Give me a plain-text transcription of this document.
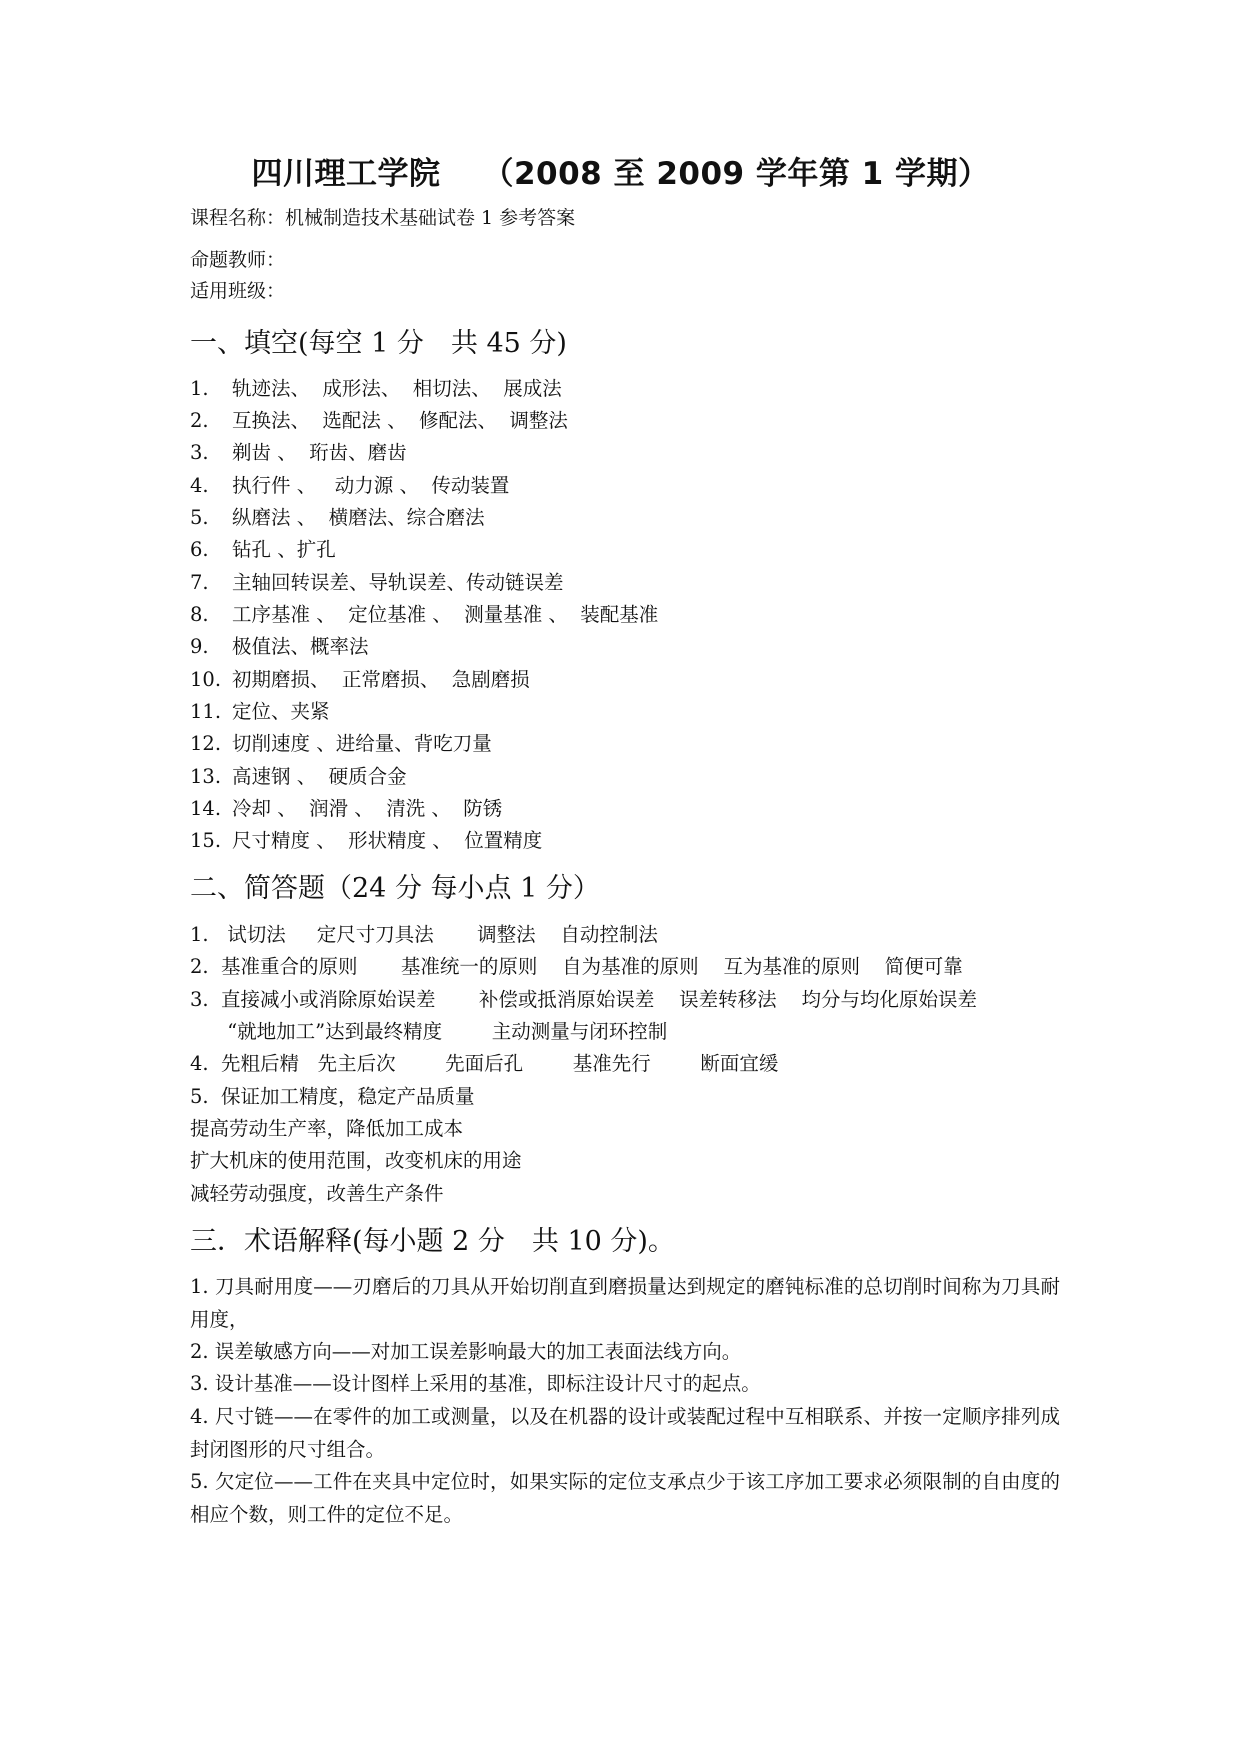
四川理工学院 （2008 至 2009 学年第 1 学期）
课程名称：机械制造技术基础试卷 1 参考答案
命题教师：
适用班级：
一、填空(每空 1 分　共 45 分)
1. 轨迹法、  成形法、  相切法、  展成法
2. 互换法、  选配法 、  修配法、  调整法
3. 剃齿 、  珩齿、磨齿
4. 执行件 、   动力源 、  传动装置
5. 纵磨法 、  横磨法、综合磨法
6. 钻孔 、扩孔
7. 主轴回转误差、导轨误差、传动链误差
8. 工序基准 、  定位基准 、  测量基准 、  装配基准
9. 极值法、概率法
10. 初期磨损、  正常磨损、  急剧磨损
11. 定位、夹紧
12. 切削速度 、进给量、背吃刀量
13. 高速钢 、  硬质合金
14. 冷却 、  润滑 、  清洗 、  防锈
15. 尺寸精度 、  形状精度 、  位置精度
二、简答题（24 分 每小点 1 分）
1.   试切法     定尺寸刀具法       调整法    自动控制法
2.  基准重合的原则       基准统一的原则    自为基准的原则    互为基准的原则    简便可靠
3.  直接减小或消除原始误差       补偿或抵消原始误差    误差转移法    均分与均化原始误差
“就地加工”达到最终精度        主动测量与闭环控制
4.  先粗后精   先主后次        先面后孔        基准先行        断面宜缓
5.  保证加工精度，稳定产品质量
提高劳动生产率，降低加工成本
扩大机床的使用范围，改变机床的用途
减轻劳动强度，改善生产条件
三．术语解释(每小题 2 分　共 10 分)。
1. 刀具耐用度——刃磨后的刀具从开始切削直到磨损量达到规定的磨钝标准的总切削时间称为刀具耐用度，
2. 误差敏感方向——对加工误差影响最大的加工表面法线方向。
3. 设计基准——设计图样上采用的基准，即标注设计尺寸的起点。
4. 尺寸链——在零件的加工或测量，以及在机器的设计或装配过程中互相联系、并按一定顺序排列成封闭图形的尺寸组合。
5. 欠定位——工件在夹具中定位时，如果实际的定位支承点少于该工序加工要求必须限制的自由度的相应个数，则工件的定位不足。
